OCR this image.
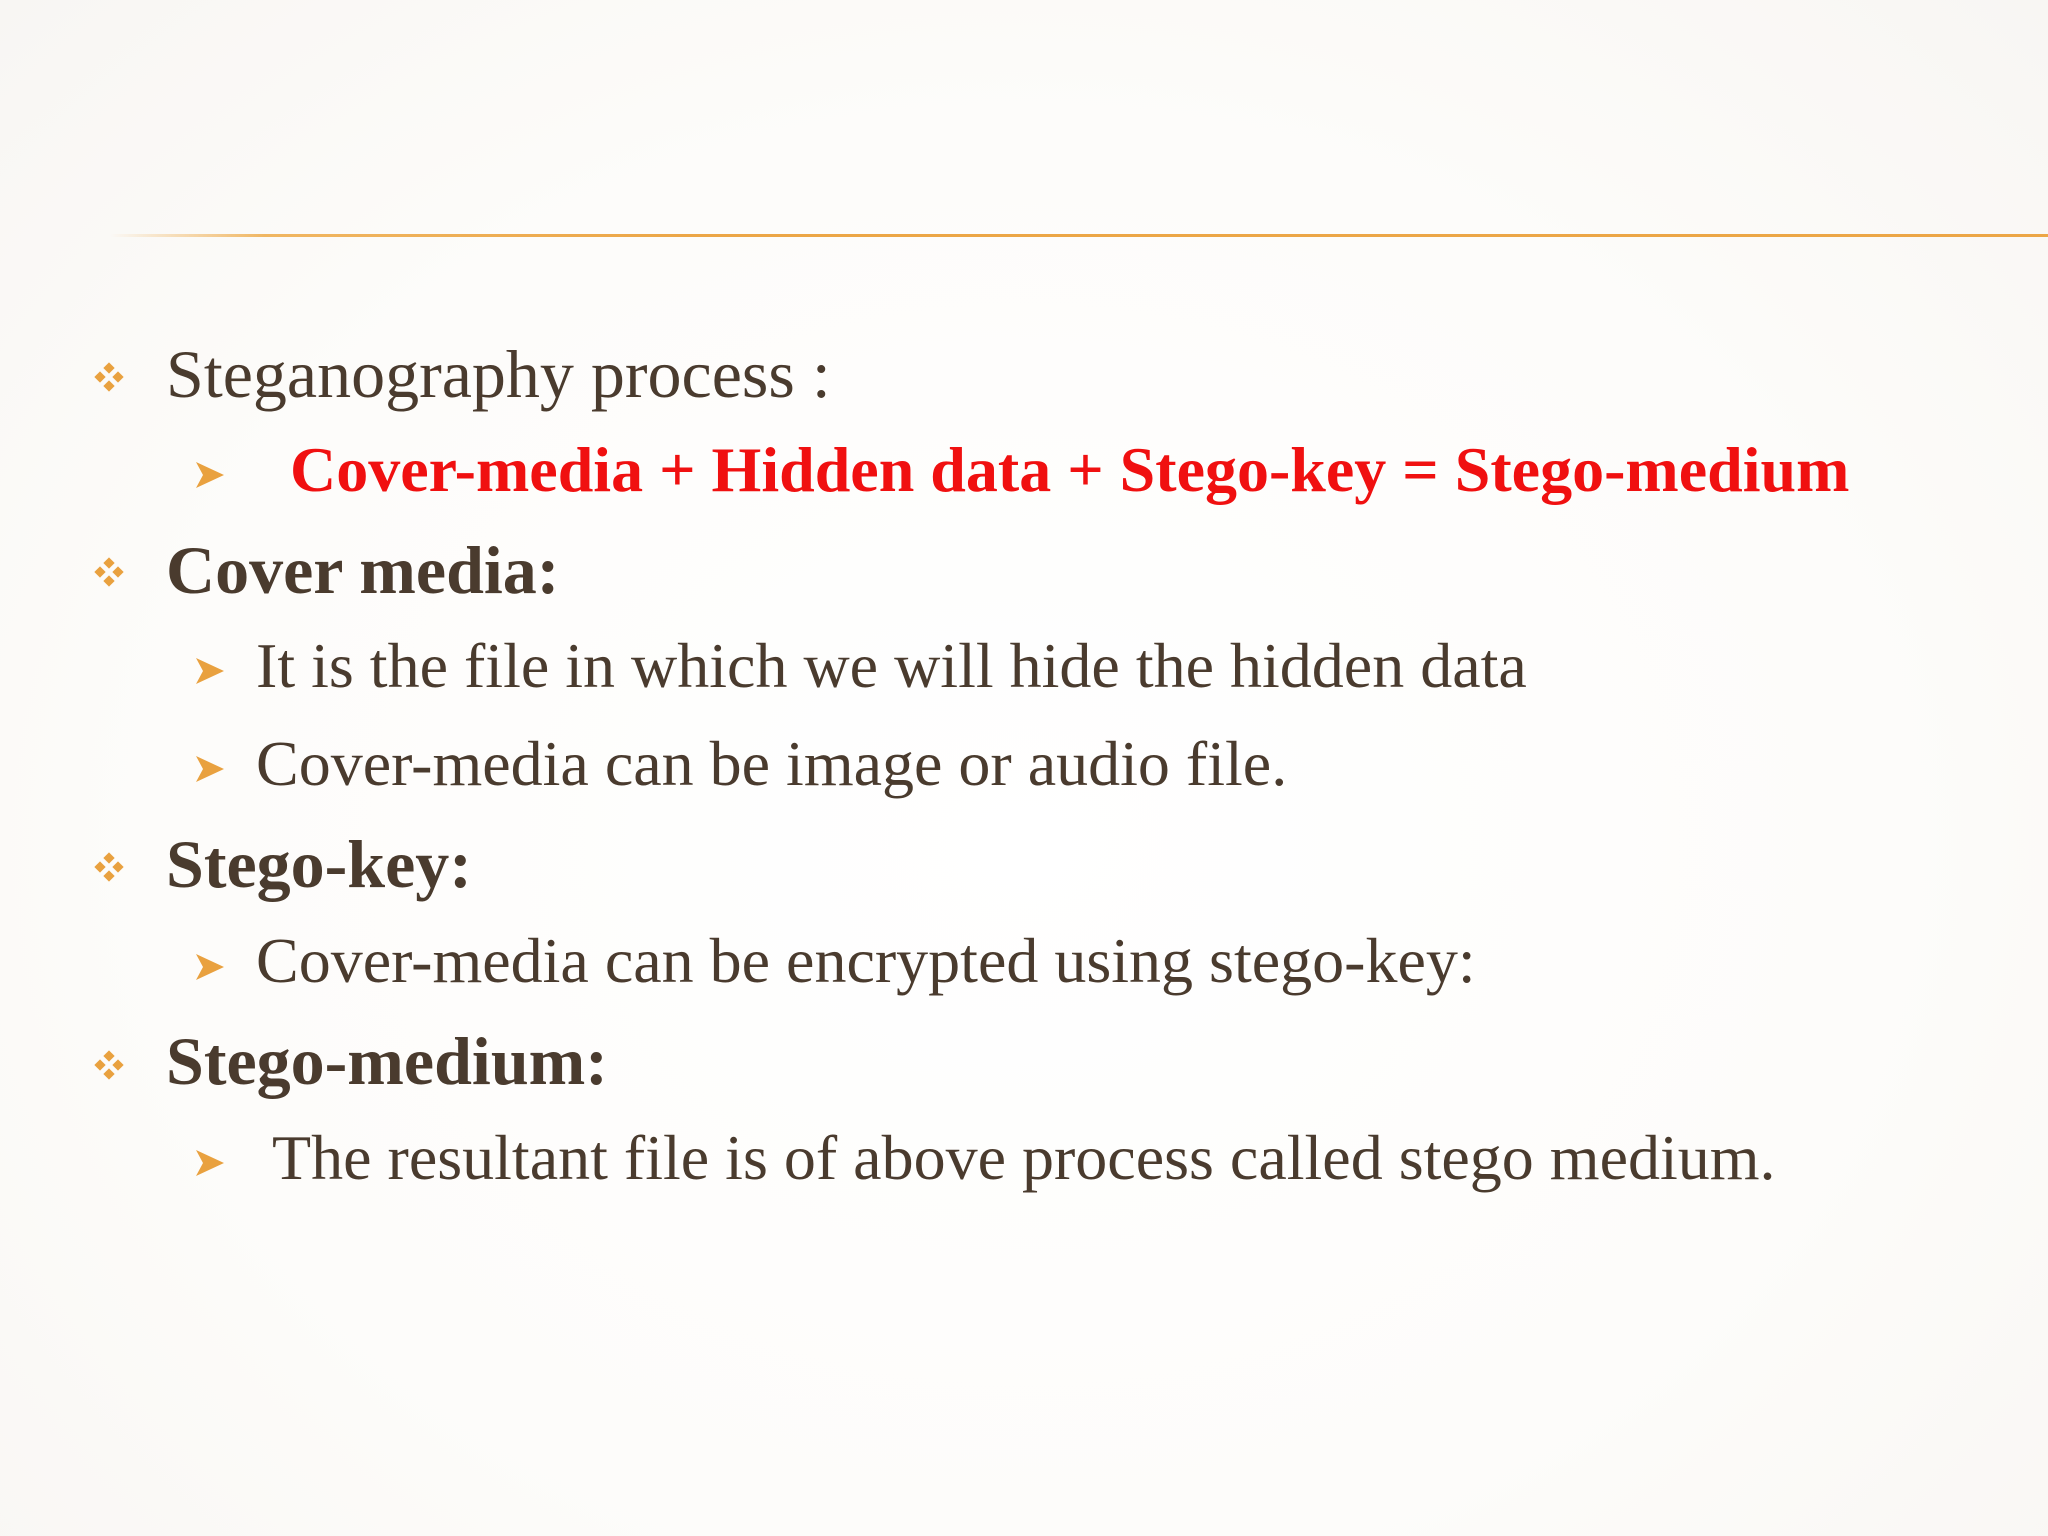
Steganography process :
Cover-media + Hidden data + Stego-key = Stego-medium
Cover media:
It is the file in which we will hide the hidden data
Cover-media can be image or audio file.
Stego-key:
Cover-media can be encrypted using stego-key:
Stego-medium:
The resultant file is of above process called stego medium.
